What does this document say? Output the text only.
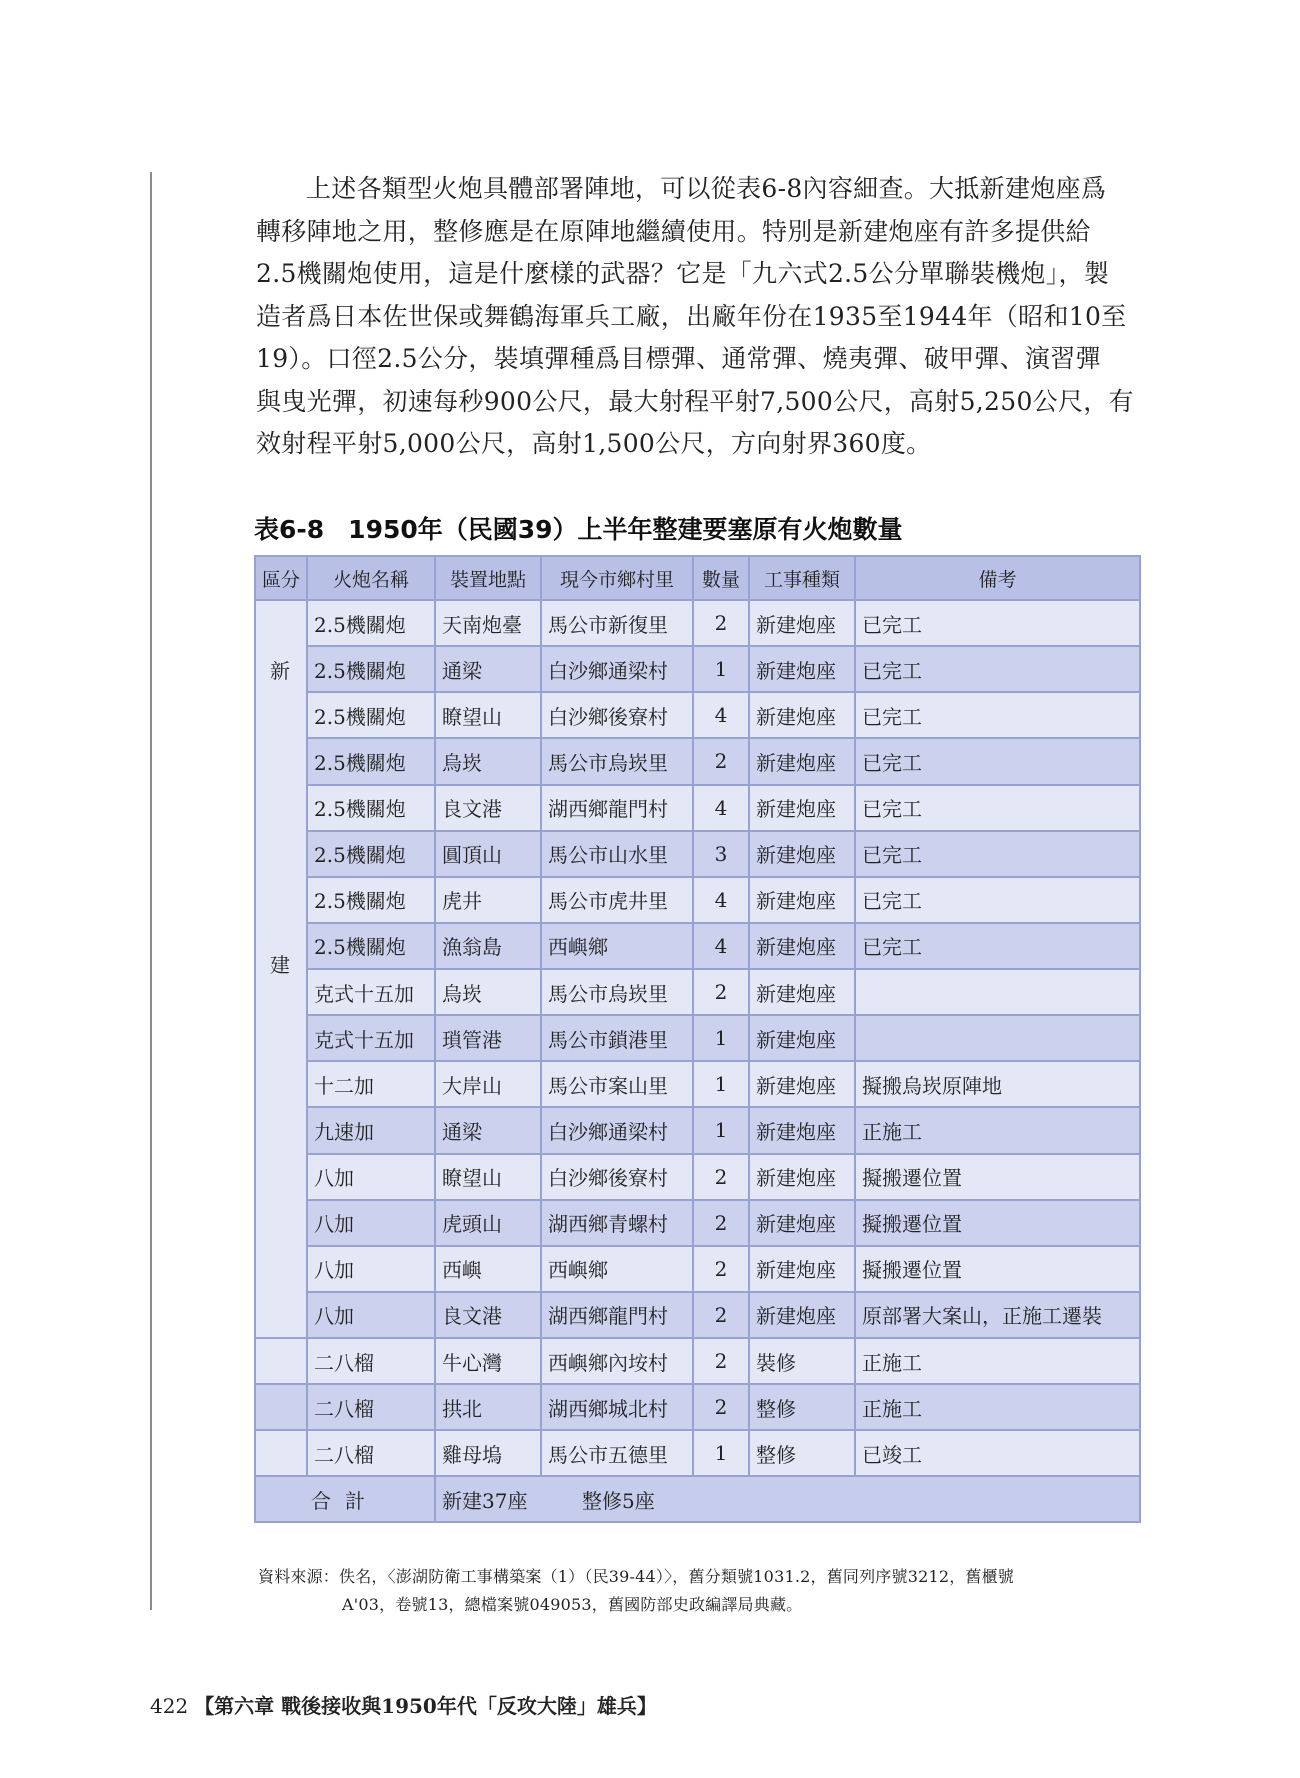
上述各類型火炮具體部署陣地，可以從表6-8內容細查。大抵新建炮座爲
轉移陣地之用，整修應是在原陣地繼續使用。特別是新建炮座有許多提供給
2.5機關炮使用，這是什麼樣的武器？它是「九六式2.5公分單聯裝機炮」，製
造者爲日本佐世保或舞鶴海軍兵工廠，出廠年份在1935至1944年（昭和10至
19）。口徑2.5公分，裝填彈種爲目標彈、通常彈、燒夷彈、破甲彈、演習彈
與曳光彈，初速每秒900公尺，最大射程平射7,500公尺，高射5,250公尺，有
效射程平射5,000公尺，高射1,500公尺，方向射界360度。

表6-8 1950年（民國39）上半年整建要塞原有火炮數量

區分	火炮名稱	裝置地點	現今市鄉村里	數量	工事種類	備考

新
建	2.5機關炮	天南炮臺	馬公市新復里	2	新建炮座	已完工
	2.5機關炮	通梁	白沙鄉通梁村	1	新建炮座	已完工
	2.5機關炮	瞭望山	白沙鄉後寮村	4	新建炮座	已完工
	2.5機關炮	烏崁	馬公市烏崁里	2	新建炮座	已完工
	2.5機關炮	良文港	湖西鄉龍門村	4	新建炮座	已完工
	2.5機關炮	圓頂山	馬公市山水里	3	新建炮座	已完工
	2.5機關炮	虎井	馬公市虎井里	4	新建炮座	已完工
	2.5機關炮	漁翁島	西嶼鄉	4	新建炮座	已完工
	克式十五加	烏崁	馬公市烏崁里	2	新建炮座	
	克式十五加	瑣管港	馬公市鎖港里	1	新建炮座	
	十二加	大岸山	馬公市案山里	1	新建炮座	擬搬烏崁原陣地
	九速加	通梁	白沙鄉通梁村	1	新建炮座	正施工
	八加	瞭望山	白沙鄉後寮村	2	新建炮座	擬搬遷位置
	八加	虎頭山	湖西鄉青螺村	2	新建炮座	擬搬遷位置
	八加	西嶼	西嶼鄉	2	新建炮座	擬搬遷位置
	八加	良文港	湖西鄉龍門村	2	新建炮座	原部署大案山，正施工遷裝
	二八榴	牛心灣	西嶼鄉內垵村	2	裝修	正施工
	二八榴	拱北	湖西鄉城北村	2	整修	正施工
	二八榴	雞母塢	馬公市五德里	1	整修	已竣工
合計		新建37座 整修5座				

資料來源：佚名，〈澎湖防衛工事構築案（1）（民39-44）〉，舊分類號1031.2，舊同列序號3212，舊櫃號
A'03，卷號13，總檔案號049053，舊國防部史政編譯局典藏。

422 【第六章 戰後接收與1950年代「反攻大陸」雄兵】
